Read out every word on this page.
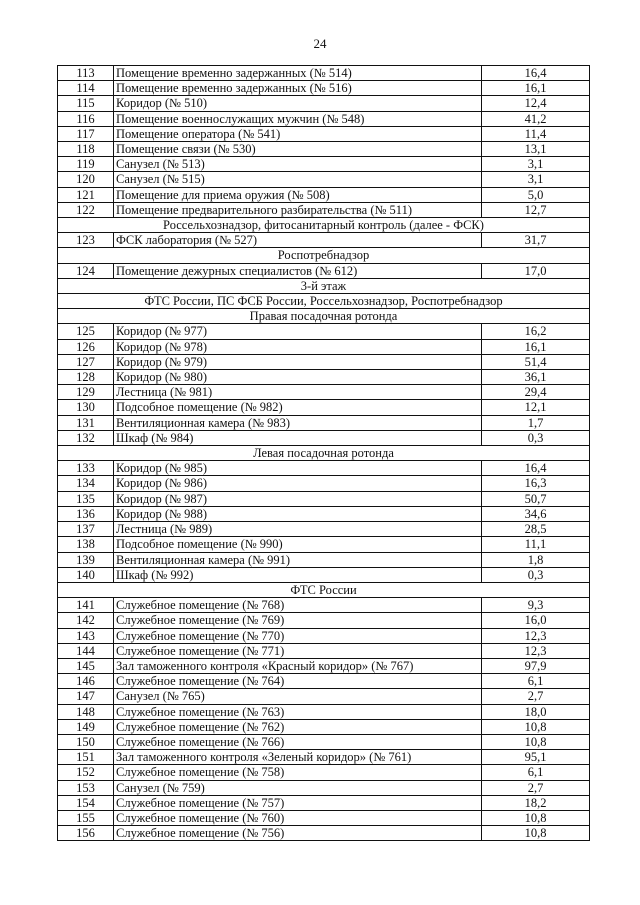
24
113	Помещение временно задержанных (№ 514)	16,4
114	Помещение временно задержанных (№ 516)	16,1
115	Коридор (№ 510)	12,4
116	Помещение военнослужащих мужчин (№ 548)	41,2
117	Помещение оператора (№ 541)	11,4
118	Помещение связи (№ 530)	13,1
119	Санузел (№ 513)	3,1
120	Санузел (№ 515)	3,1
121	Помещение для приема оружия (№ 508)	5,0
122	Помещение предварительного разбирательства (№ 511)	12,7
Россельхознадзор, фитосанитарный контроль (далее - ФСК)		
123	ФСК лаборатория (№ 527)	31,7
Роспотребнадзор		
124	Помещение дежурных специалистов (№ 612)	17,0
3-й этаж		
ФТС России, ПС ФСБ России, Россельхознадзор, Роспотребнадзор		
Правая посадочная ротонда		
125	Коридор (№ 977)	16,2
126	Коридор (№ 978)	16,1
127	Коридор (№ 979)	51,4
128	Коридор (№ 980)	36,1
129	Лестница (№ 981)	29,4
130	Подсобное помещение (№ 982)	12,1
131	Вентиляционная камера (№ 983)	1,7
132	Шкаф (№ 984)	0,3
Левая посадочная ротонда		
133	Коридор (№ 985)	16,4
134	Коридор (№ 986)	16,3
135	Коридор (№ 987)	50,7
136	Коридор (№ 988)	34,6
137	Лестница (№ 989)	28,5
138	Подсобное помещение (№ 990)	11,1
139	Вентиляционная камера (№ 991)	1,8
140	Шкаф (№ 992)	0,3
ФТС России		
141	Служебное помещение (№ 768)	9,3
142	Служебное помещение (№ 769)	16,0
143	Служебное помещение (№ 770)	12,3
144	Служебное помещение (№ 771)	12,3
145	Зал таможенного контроля «Красный коридор» (№ 767)	97,9
146	Служебное помещение (№ 764)	6,1
147	Санузел (№ 765)	2,7
148	Служебное помещение (№ 763)	18,0
149	Служебное помещение (№ 762)	10,8
150	Служебное помещение (№ 766)	10,8
151	Зал таможенного контроля «Зеленый коридор» (№ 761)	95,1
152	Служебное помещение (№ 758)	6,1
153	Санузел (№ 759)	2,7
154	Служебное помещение (№ 757)	18,2
155	Служебное помещение (№ 760)	10,8
156	Служебное помещение (№ 756)	10,8
